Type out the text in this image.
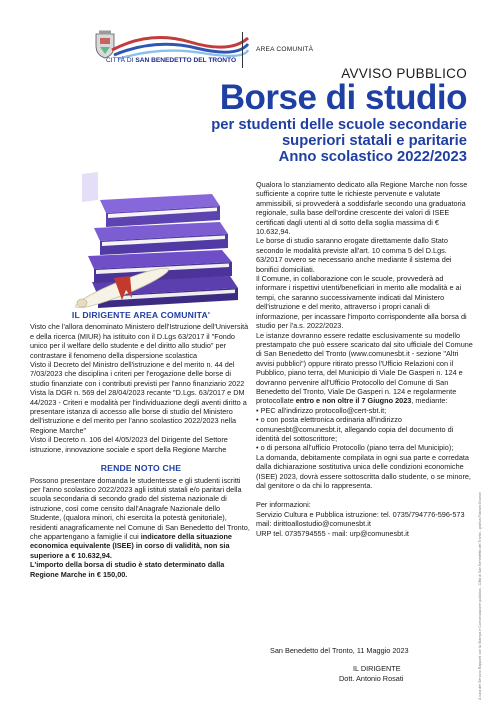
CITTÀ DI SAN BENEDETTO DEL TRONTO
AREA COMUNITÀ
AVVISO PUBBLICO
Borse di studio
per studenti delle scuole secondarie
superiori statali e paritarie
Anno scolastico 2022/2023
IL DIRIGENTE AREA COMUNITA'

Visto che l'allora denominato Ministero dell'Istruzione dell'Università e della ricerca (MIUR) ha istituito con il D.Lgs 63/2017 il "Fondo unico per il welfare dello studente e del diritto allo studio" per contrastare il fenomeno della dispersione scolastica

Visto il Decreto del Ministro dell'istruzione e del merito n. 44 del 7/03/2023 che disciplina i criteri per l'erogazione delle borse di studio finanziate con i contributi previsti per l'anno finanziario 2022

Vista la DGR n. 569 del 28/04/2023 recante "D.Lgs. 63/2017 e DM 44/2023 - Criteri e modalità per l'individuazione degli aventi diritto a presentare istanza di accesso alle borse di studio del Ministero dell'istruzione e del merito per l'anno scolastico 2022/2023 nella Regione Marche"

Visto il Decreto n. 106 del 4/05/2023 del Dirigente del Settore istruzione, innovazione sociale e sport della Regione Marche

RENDE NOTO CHE

Possono presentare domanda le studentesse e gli studenti iscritti per l'anno scolastico 2022/2023 agli istituti statali e/o paritari della scuola secondaria di secondo grado del sistema nazionale di istruzione, così come censito dall'Anagrafe Nazionale dello Studente, (qualora minori, chi esercita la potestà genitoriale), residenti anagraficamente nel Comune di San Benedetto del Tronto, che appartengano a famiglie il cui indicatore della situazione economica equivalente (ISEE) in corso di validità, non sia superiore a € 10.632,94.

L'importo della borsa di studio è stato determinato dalla Regione Marche in € 150,00.

Qualora lo stanziamento dedicato alla Regione Marche non fosse sufficiente a coprire tutte le richieste pervenute e valutate ammissibili, si provvederà a soddisfarle secondo una graduatoria regionale, sulla base dell'ordine crescente dei valori di ISEE certificati dagli utenti al di sotto della soglia massima di € 10.632,94.

Le borse di studio saranno erogate direttamente dallo Stato secondo le modalità previste all'art. 10 comma 5 del D.Lgs. 63/2017 ovvero se necessario anche mediante il sistema dei bonifici domiciliati.

Il Comune, in collaborazione con le scuole, provvederà ad informare i rispettivi utenti/beneficiari in merito alle modalità e ai tempi, che saranno successivamente indicati dal Ministero dell'istruzione e del merito, attraverso i propri canali di informazione, per incassare l'importo corrispondente alla borsa di studio per l'a.s. 2022/2023.

Le istanze dovranno essere redatte esclusivamente su modello prestampato che può essere scaricato dal sito ufficiale del Comune di San Benedetto del Tronto (www.comunesbt.it - sezione "Altri avvisi pubblici") oppure ritirato presso l'Ufficio Relazioni con il Pubblico, piano terra, del Municipio di Viale De Gasperi n. 124 e dovranno pervenire all'Ufficio Protocollo del Comune di San Benedetto del Tronto, Viale De Gasperi n. 124 e regolarmente protocollate entro e non oltre il 7 Giugno 2023, mediante:

• PEC all'indirizzo protocollo@cert-sbt.it;

• o con posta elettronica ordinaria all'indirizzo comunesbt@comunesbt.it, allegando copia del documento di identità del sottoscrittore;

• o di persona all'ufficio Protocollo (piano terra del Municipio);

La domanda, debitamente compilata in ogni sua parte e corredata dalla dichiarazione sostitutiva unica delle condizioni economiche (ISEE) 2023, dovrà essere sottoscritta dallo studente, o se minore, dal genitore o da chi lo rappresenta.

Per informazioni:

Servizio Cultura e Pubblica istruzione: tel. 0735/794776-596-573

mail: dirittoallostudio@comunesbt.it

URP tel. 0735794555 - mail: urp@comunesbt.it

San Benedetto del Tronto, 11 Maggio 2023
IL DIRIGENTE
Dott. Antonio Rosati	A cura del Servizio Rapporti con la Stampa e Comunicazione pubblica - Città di San Benedetto del Tronto - grafica Fabrizio Brunori
